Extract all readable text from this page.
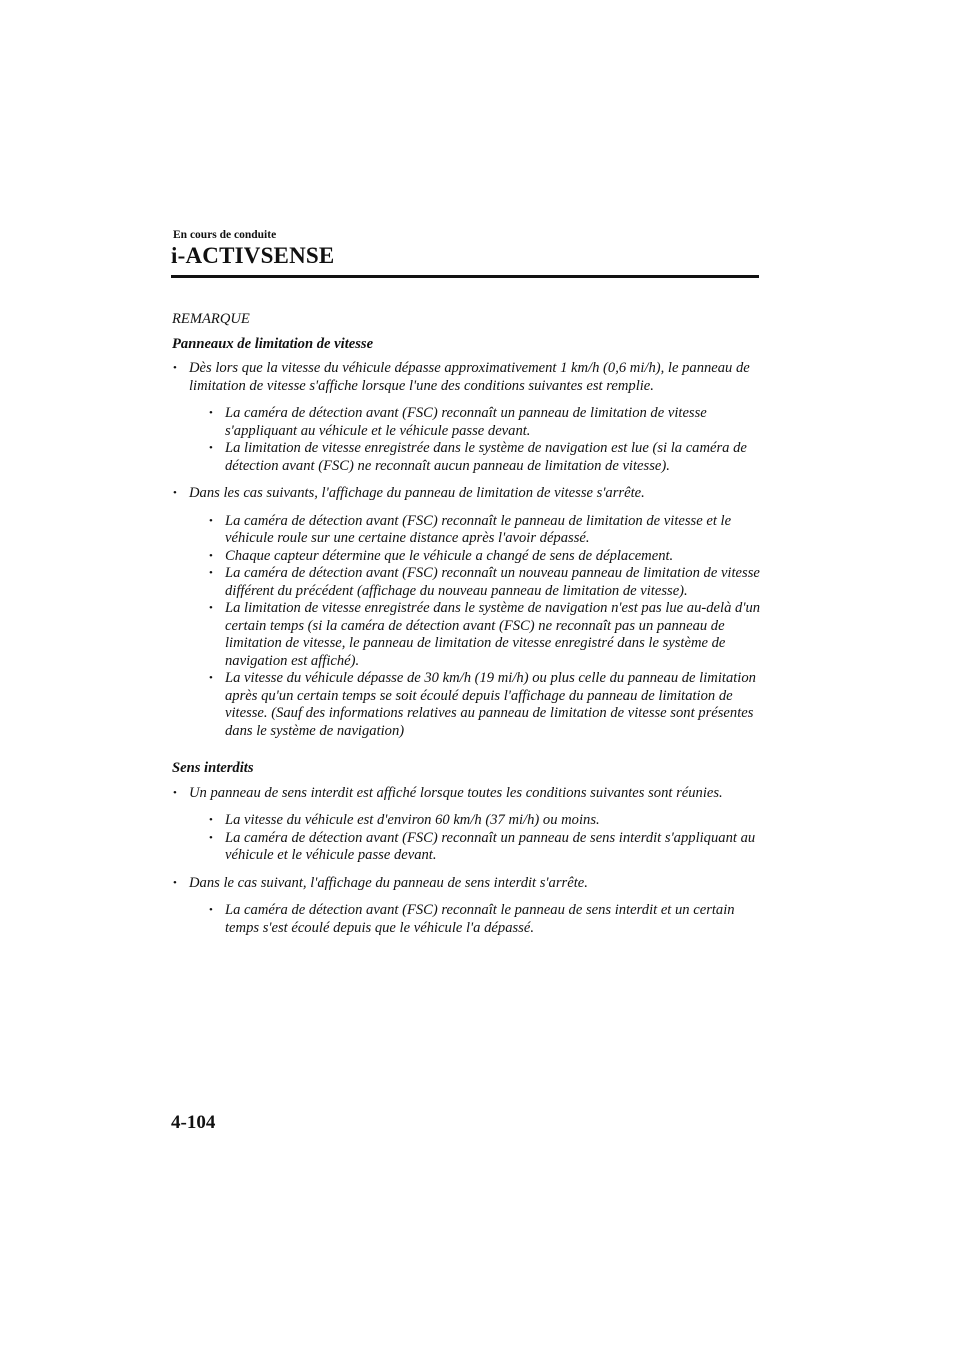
En cours de conduite
i-ACTIVSENSE
REMARQUE
Panneaux de limitation de vitesse
• Dès lors que la vitesse du véhicule dépasse approximativement 1 km/h (0,6 mi/h), le panneau de limitation de vitesse s'affiche lorsque l'une des conditions suivantes est remplie.
• La caméra de détection avant (FSC) reconnaît un panneau de limitation de vitesse s'appliquant au véhicule et le véhicule passe devant.
• La limitation de vitesse enregistrée dans le système de navigation est lue (si la caméra de détection avant (FSC) ne reconnaît aucun panneau de limitation de vitesse).
• Dans les cas suivants, l'affichage du panneau de limitation de vitesse s'arrête.
• La caméra de détection avant (FSC) reconnaît le panneau de limitation de vitesse et le véhicule roule sur une certaine distance après l'avoir dépassé.
• Chaque capteur détermine que le véhicule a changé de sens de déplacement.
• La caméra de détection avant (FSC) reconnaît un nouveau panneau de limitation de vitesse différent du précédent (affichage du nouveau panneau de limitation de vitesse).
• La limitation de vitesse enregistrée dans le système de navigation n'est pas lue au-delà d'un certain temps (si la caméra de détection avant (FSC) ne reconnaît pas un panneau de limitation de vitesse, le panneau de limitation de vitesse enregistré dans le système de navigation est affiché).
• La vitesse du véhicule dépasse de 30 km/h (19 mi/h) ou plus celle du panneau de limitation après qu'un certain temps se soit écoulé depuis l'affichage du panneau de limitation de vitesse. (Sauf des informations relatives au panneau de limitation de vitesse sont présentes dans le système de navigation)
Sens interdits
• Un panneau de sens interdit est affiché lorsque toutes les conditions suivantes sont réunies.
• La vitesse du véhicule est d'environ 60 km/h (37 mi/h) ou moins.
• La caméra de détection avant (FSC) reconnaît un panneau de sens interdit s'appliquant au véhicule et le véhicule passe devant.
• Dans le cas suivant, l'affichage du panneau de sens interdit s'arrête.
• La caméra de détection avant (FSC) reconnaît le panneau de sens interdit et un certain temps s'est écoulé depuis que le véhicule l'a dépassé.
4-104
